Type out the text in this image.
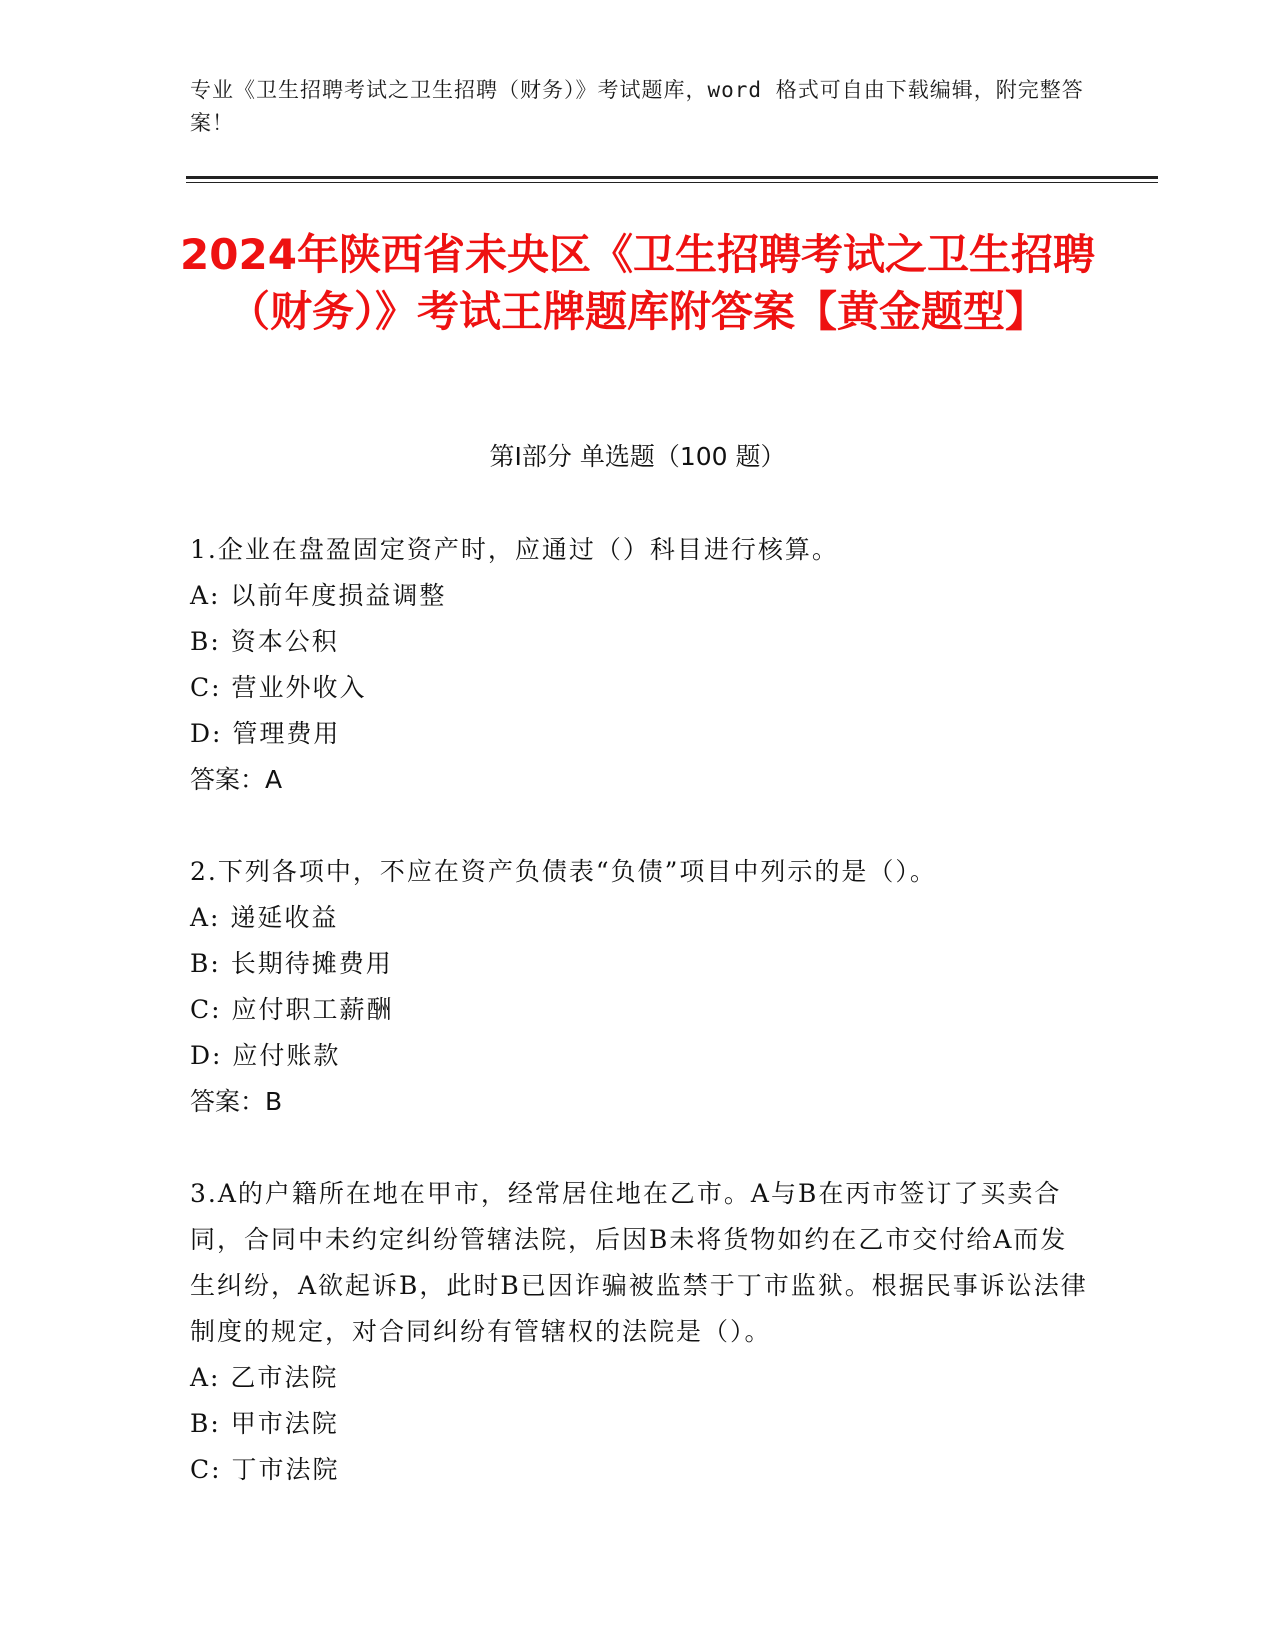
专业《卫生招聘考试之卫生招聘（财务）》考试题库，word 格式可自由下载编辑，附完整答案！
2024年陕西省未央区《卫生招聘考试之卫生招聘（财务）》考试王牌题库附答案【黄金题型】
第Ⅰ部分 单选题（100 题）
1.企业在盘盈固定资产时，应通过（）科目进行核算。
A: 以前年度损益调整
B: 资本公积
C: 营业外收入
D: 管理费用
答案：A
2.下列各项中，不应在资产负债表“负债”项目中列示的是（）。
A: 递延收益
B: 长期待摊费用
C: 应付职工薪酬
D: 应付账款
答案：B
3.A的户籍所在地在甲市，经常居住地在乙市。A与B在丙市签订了买卖合同，合同中未约定纠纷管辖法院，后因B未将货物如约在乙市交付给A而发生纠纷，A欲起诉B，此时B已因诈骗被监禁于丁市监狱。根据民事诉讼法律制度的规定，对合同纠纷有管辖权的法院是（）。
A: 乙市法院
B: 甲市法院
C: 丁市法院
